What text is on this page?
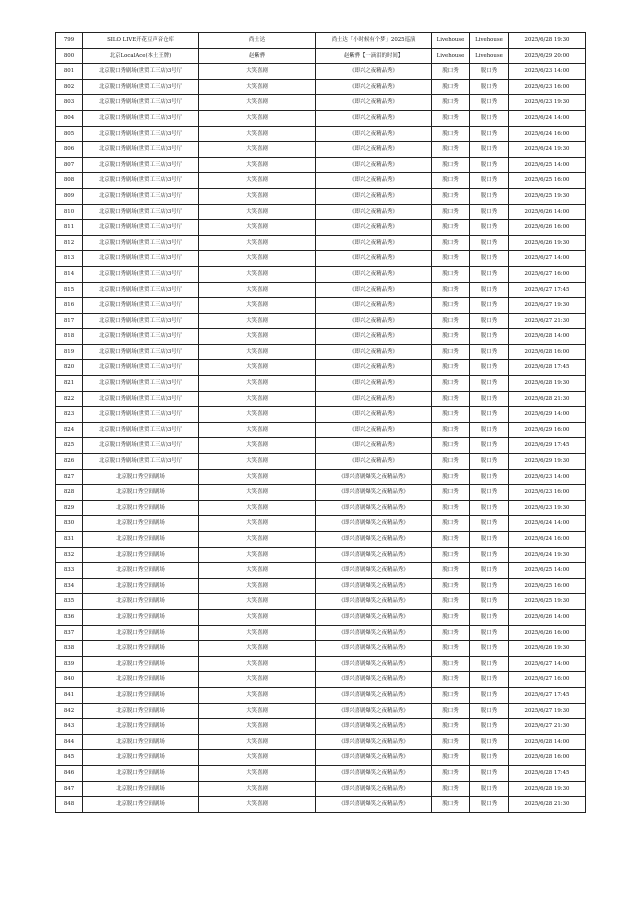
799	SILO LIVE开花豆声音仓库	尚士达	尚士达「小时候有个梦」2025巡演	Livehouse	Livehouse	2025/6/28 19:30
800	北京LocalAce(本土王牌)	赵紫骅	赵紫骅【一滴泪的时间】	Livehouse	Livehouse	2025/6/29 20:00
801	北京脱口秀剧场(世贸工三店)3号厅	大笑喜剧	《即兴之夜精品秀》	脱口秀	脱口秀	2025/6/23 14:00
802	北京脱口秀剧场(世贸工三店)3号厅	大笑喜剧	《即兴之夜精品秀》	脱口秀	脱口秀	2025/6/23 16:00
803	北京脱口秀剧场(世贸工三店)3号厅	大笑喜剧	《即兴之夜精品秀》	脱口秀	脱口秀	2025/6/23 19:30
804	北京脱口秀剧场(世贸工三店)3号厅	大笑喜剧	《即兴之夜精品秀》	脱口秀	脱口秀	2025/6/24 14:00
805	北京脱口秀剧场(世贸工三店)3号厅	大笑喜剧	《即兴之夜精品秀》	脱口秀	脱口秀	2025/6/24 16:00
806	北京脱口秀剧场(世贸工三店)3号厅	大笑喜剧	《即兴之夜精品秀》	脱口秀	脱口秀	2025/6/24 19:30
807	北京脱口秀剧场(世贸工三店)3号厅	大笑喜剧	《即兴之夜精品秀》	脱口秀	脱口秀	2025/6/25 14:00
808	北京脱口秀剧场(世贸工三店)3号厅	大笑喜剧	《即兴之夜精品秀》	脱口秀	脱口秀	2025/6/25 16:00
809	北京脱口秀剧场(世贸工三店)3号厅	大笑喜剧	《即兴之夜精品秀》	脱口秀	脱口秀	2025/6/25 19:30
810	北京脱口秀剧场(世贸工三店)3号厅	大笑喜剧	《即兴之夜精品秀》	脱口秀	脱口秀	2025/6/26 14:00
811	北京脱口秀剧场(世贸工三店)3号厅	大笑喜剧	《即兴之夜精品秀》	脱口秀	脱口秀	2025/6/26 16:00
812	北京脱口秀剧场(世贸工三店)3号厅	大笑喜剧	《即兴之夜精品秀》	脱口秀	脱口秀	2025/6/26 19:30
813	北京脱口秀剧场(世贸工三店)3号厅	大笑喜剧	《即兴之夜精品秀》	脱口秀	脱口秀	2025/6/27 14:00
814	北京脱口秀剧场(世贸工三店)3号厅	大笑喜剧	《即兴之夜精品秀》	脱口秀	脱口秀	2025/6/27 16:00
815	北京脱口秀剧场(世贸工三店)3号厅	大笑喜剧	《即兴之夜精品秀》	脱口秀	脱口秀	2025/6/27 17:45
816	北京脱口秀剧场(世贸工三店)3号厅	大笑喜剧	《即兴之夜精品秀》	脱口秀	脱口秀	2025/6/27 19:30
817	北京脱口秀剧场(世贸工三店)3号厅	大笑喜剧	《即兴之夜精品秀》	脱口秀	脱口秀	2025/6/27 21:30
818	北京脱口秀剧场(世贸工三店)3号厅	大笑喜剧	《即兴之夜精品秀》	脱口秀	脱口秀	2025/6/28 14:00
819	北京脱口秀剧场(世贸工三店)3号厅	大笑喜剧	《即兴之夜精品秀》	脱口秀	脱口秀	2025/6/28 16:00
820	北京脱口秀剧场(世贸工三店)3号厅	大笑喜剧	《即兴之夜精品秀》	脱口秀	脱口秀	2025/6/28 17:45
821	北京脱口秀剧场(世贸工三店)3号厅	大笑喜剧	《即兴之夜精品秀》	脱口秀	脱口秀	2025/6/28 19:30
822	北京脱口秀剧场(世贸工三店)3号厅	大笑喜剧	《即兴之夜精品秀》	脱口秀	脱口秀	2025/6/28 21:30
823	北京脱口秀剧场(世贸工三店)3号厅	大笑喜剧	《即兴之夜精品秀》	脱口秀	脱口秀	2025/6/29 14:00
824	北京脱口秀剧场(世贸工三店)3号厅	大笑喜剧	《即兴之夜精品秀》	脱口秀	脱口秀	2025/6/29 16:00
825	北京脱口秀剧场(世贸工三店)3号厅	大笑喜剧	《即兴之夜精品秀》	脱口秀	脱口秀	2025/6/29 17:45
826	北京脱口秀剧场(世贸工三店)3号厅	大笑喜剧	《即兴之夜精品秀》	脱口秀	脱口秀	2025/6/29 19:30
827	北京脱口秀空间剧场	大笑喜剧	《即兴喜剧爆笑之夜精品秀》	脱口秀	脱口秀	2025/6/23 14:00
828	北京脱口秀空间剧场	大笑喜剧	《即兴喜剧爆笑之夜精品秀》	脱口秀	脱口秀	2025/6/23 16:00
829	北京脱口秀空间剧场	大笑喜剧	《即兴喜剧爆笑之夜精品秀》	脱口秀	脱口秀	2025/6/23 19:30
830	北京脱口秀空间剧场	大笑喜剧	《即兴喜剧爆笑之夜精品秀》	脱口秀	脱口秀	2025/6/24 14:00
831	北京脱口秀空间剧场	大笑喜剧	《即兴喜剧爆笑之夜精品秀》	脱口秀	脱口秀	2025/6/24 16:00
832	北京脱口秀空间剧场	大笑喜剧	《即兴喜剧爆笑之夜精品秀》	脱口秀	脱口秀	2025/6/24 19:30
833	北京脱口秀空间剧场	大笑喜剧	《即兴喜剧爆笑之夜精品秀》	脱口秀	脱口秀	2025/6/25 14:00
834	北京脱口秀空间剧场	大笑喜剧	《即兴喜剧爆笑之夜精品秀》	脱口秀	脱口秀	2025/6/25 16:00
835	北京脱口秀空间剧场	大笑喜剧	《即兴喜剧爆笑之夜精品秀》	脱口秀	脱口秀	2025/6/25 19:30
836	北京脱口秀空间剧场	大笑喜剧	《即兴喜剧爆笑之夜精品秀》	脱口秀	脱口秀	2025/6/26 14:00
837	北京脱口秀空间剧场	大笑喜剧	《即兴喜剧爆笑之夜精品秀》	脱口秀	脱口秀	2025/6/26 16:00
838	北京脱口秀空间剧场	大笑喜剧	《即兴喜剧爆笑之夜精品秀》	脱口秀	脱口秀	2025/6/26 19:30
839	北京脱口秀空间剧场	大笑喜剧	《即兴喜剧爆笑之夜精品秀》	脱口秀	脱口秀	2025/6/27 14:00
840	北京脱口秀空间剧场	大笑喜剧	《即兴喜剧爆笑之夜精品秀》	脱口秀	脱口秀	2025/6/27 16:00
841	北京脱口秀空间剧场	大笑喜剧	《即兴喜剧爆笑之夜精品秀》	脱口秀	脱口秀	2025/6/27 17:45
842	北京脱口秀空间剧场	大笑喜剧	《即兴喜剧爆笑之夜精品秀》	脱口秀	脱口秀	2025/6/27 19:30
843	北京脱口秀空间剧场	大笑喜剧	《即兴喜剧爆笑之夜精品秀》	脱口秀	脱口秀	2025/6/27 21:30
844	北京脱口秀空间剧场	大笑喜剧	《即兴喜剧爆笑之夜精品秀》	脱口秀	脱口秀	2025/6/28 14:00
845	北京脱口秀空间剧场	大笑喜剧	《即兴喜剧爆笑之夜精品秀》	脱口秀	脱口秀	2025/6/28 16:00
846	北京脱口秀空间剧场	大笑喜剧	《即兴喜剧爆笑之夜精品秀》	脱口秀	脱口秀	2025/6/28 17:45
847	北京脱口秀空间剧场	大笑喜剧	《即兴喜剧爆笑之夜精品秀》	脱口秀	脱口秀	2025/6/28 19:30
848	北京脱口秀空间剧场	大笑喜剧	《即兴喜剧爆笑之夜精品秀》	脱口秀	脱口秀	2025/6/28 21:30
